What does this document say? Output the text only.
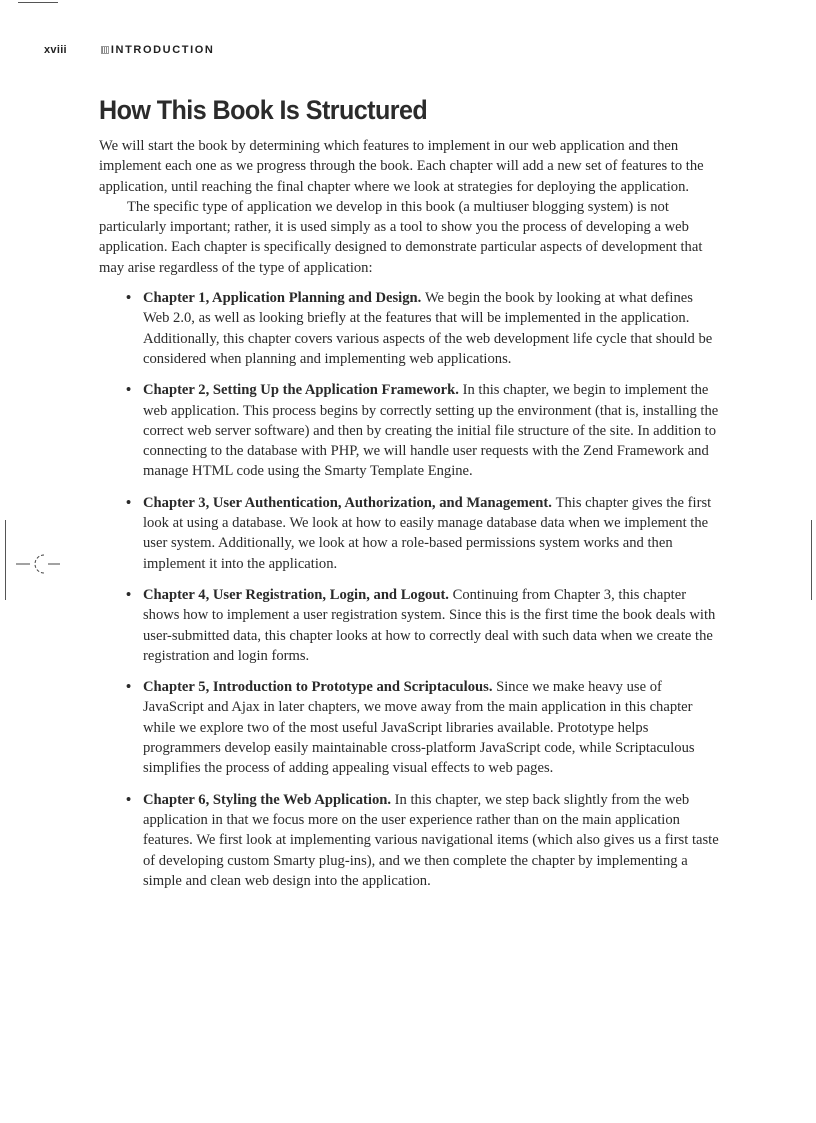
xviii	INTRODUCTION
How This Book Is Structured

We will start the book by determining which features to implement in our web application and then implement each one as we progress through the book. Each chapter will add a new set of features to the application, until reaching the final chapter where we look at strategies for deploying the application.

The specific type of application we develop in this book (a multiuser blogging system) is not particularly important; rather, it is used simply as a tool to show you the process of developing a web application. Each chapter is specifically designed to demonstrate particular aspects of development that may arise regardless of the type of application:

• Chapter 1, Application Planning and Design. We begin the book by looking at what defines Web 2.0, as well as looking briefly at the features that will be implemented in the application. Additionally, this chapter covers various aspects of the web development life cycle that should be considered when planning and implementing web applications.
• Chapter 2, Setting Up the Application Framework. In this chapter, we begin to implement the web application. This process begins by correctly setting up the environment (that is, installing the correct web server software) and then by creating the initial file structure of the site. In addition to connecting to the database with PHP, we will handle user requests with the Zend Framework and manage HTML code using the Smarty Template Engine.
• Chapter 3, User Authentication, Authorization, and Management. This chapter gives the first look at using a database. We look at how to easily manage database data when we implement the user system. Additionally, we look at how a role-based permissions system works and then implement it into the application.
• Chapter 4, User Registration, Login, and Logout. Continuing from Chapter 3, this chapter shows how to implement a user registration system. Since this is the first time the book deals with user-submitted data, this chapter looks at how to correctly deal with such data when we create the registration and login forms.
• Chapter 5, Introduction to Prototype and Scriptaculous. Since we make heavy use of JavaScript and Ajax in later chapters, we move away from the main application in this chapter while we explore two of the most useful JavaScript libraries available. Prototype helps programmers develop easily maintainable cross-platform JavaScript code, while Scriptaculous simplifies the process of adding appealing visual effects to web pages.
• Chapter 6, Styling the Web Application. In this chapter, we step back slightly from the web application in that we focus more on the user experience rather than on the main application features. We first look at implementing various navigational items (which also gives us a first taste of developing custom Smarty plug-ins), and we then complete the chapter by implementing a simple and clean web design into the application.
